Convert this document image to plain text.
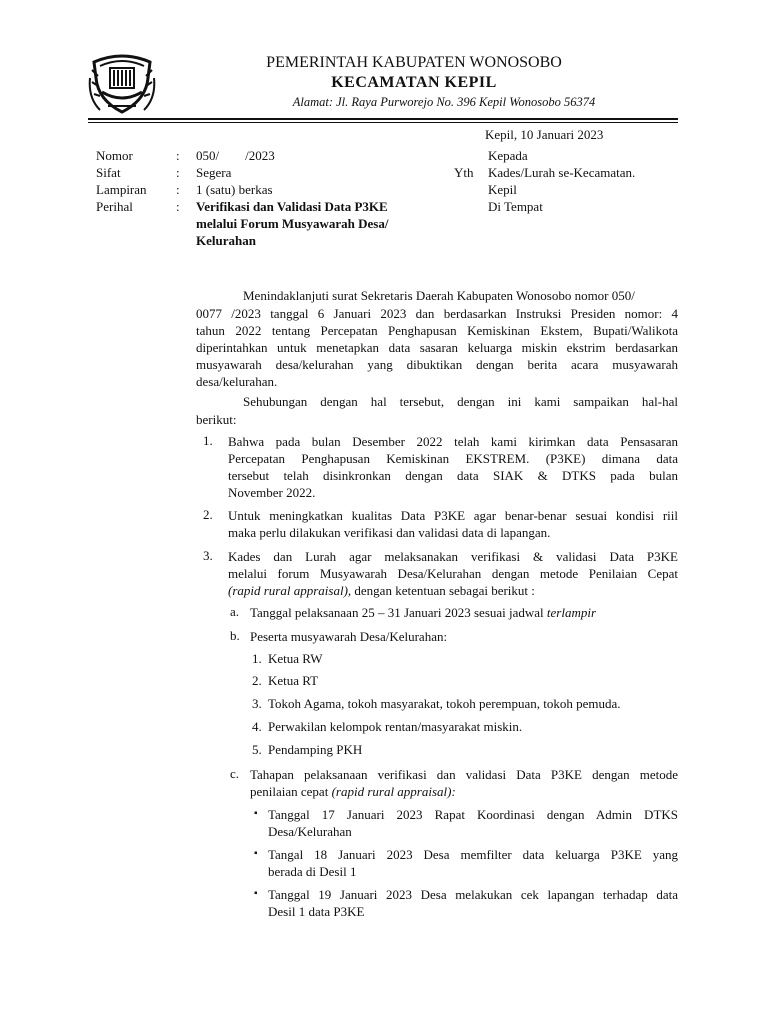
PEMERINTAH KABUPATEN WONOSOBO
KECAMATAN KEPIL
Alamat: Jl. Raya Purworejo No. 396 Kepil Wonosobo 56374
Kepil, 10 Januari 2023
Nomor	: 050/        /2023
Sifat	: Segera
Lampiran : 1 (satu) berkas
Perihal	: Verifikasi dan Validasi Data P3KE
melalui Forum Musyawarah Desa/
Kelurahan
Kepada
Yth Kades/Lurah se-Kecamatan.
Kepil
Di Tempat
Menindaklanjuti surat Sekretaris Daerah Kabupaten Wonosobo nomor 050/
0077 /2023 tanggal 6 Januari 2023 dan berdasarkan Instruksi Presiden nomor: 4
tahun 2022 tentang Percepatan Penghapusan Kemiskinan Ekstem, Bupati/Walikota
diperintahkan untuk menetapkan data sasaran keluarga miskin ekstrim berdasarkan
musyawarah desa/kelurahan yang dibuktikan dengan berita acara musyawarah
desa/kelurahan.
Sehubungan dengan hal tersebut, dengan ini kami sampaikan hal-hal
berikut:
1. Bahwa pada bulan Desember 2022 telah kami kirimkan data Pensasaran
Percepatan Penghapusan Kemiskinan EKSTREM. (P3KE) dimana data
tersebut telah disinkronkan dengan data SIAK & DTKS pada bulan
November 2022.
2. Untuk meningkatkan kualitas Data P3KE agar benar-benar sesuai kondisi riil
maka perlu dilakukan verifikasi dan validasi data di lapangan.
3. Kades dan Lurah agar melaksanakan verifikasi & validasi Data P3KE
melalui forum Musyawarah Desa/Kelurahan dengan metode Penilaian Cepat
(rapid rural appraisal), dengan ketentuan sebagai berikut :
a. Tanggal pelaksanaan 25 – 31 Januari 2023 sesuai jadwal terlampir
b. Peserta musyawarah Desa/Kelurahan:
1. Ketua RW
2. Ketua RT
3. Tokoh Agama, tokoh masyarakat, tokoh perempuan, tokoh pemuda.
4. Perwakilan kelompok rentan/masyarakat miskin.
5. Pendamping PKH
c. Tahapan pelaksanaan verifikasi dan validasi Data P3KE dengan metode
penilaian cepat (rapid rural appraisal):
▪ Tanggal 17 Januari 2023 Rapat Koordinasi dengan Admin DTKS
Desa/Kelurahan
▪ Tangal 18 Januari 2023 Desa memfilter data keluarga P3KE yang
berada di Desil 1
▪ Tanggal 19 Januari 2023 Desa melakukan cek lapangan terhadap data
Desil 1 data P3KE
